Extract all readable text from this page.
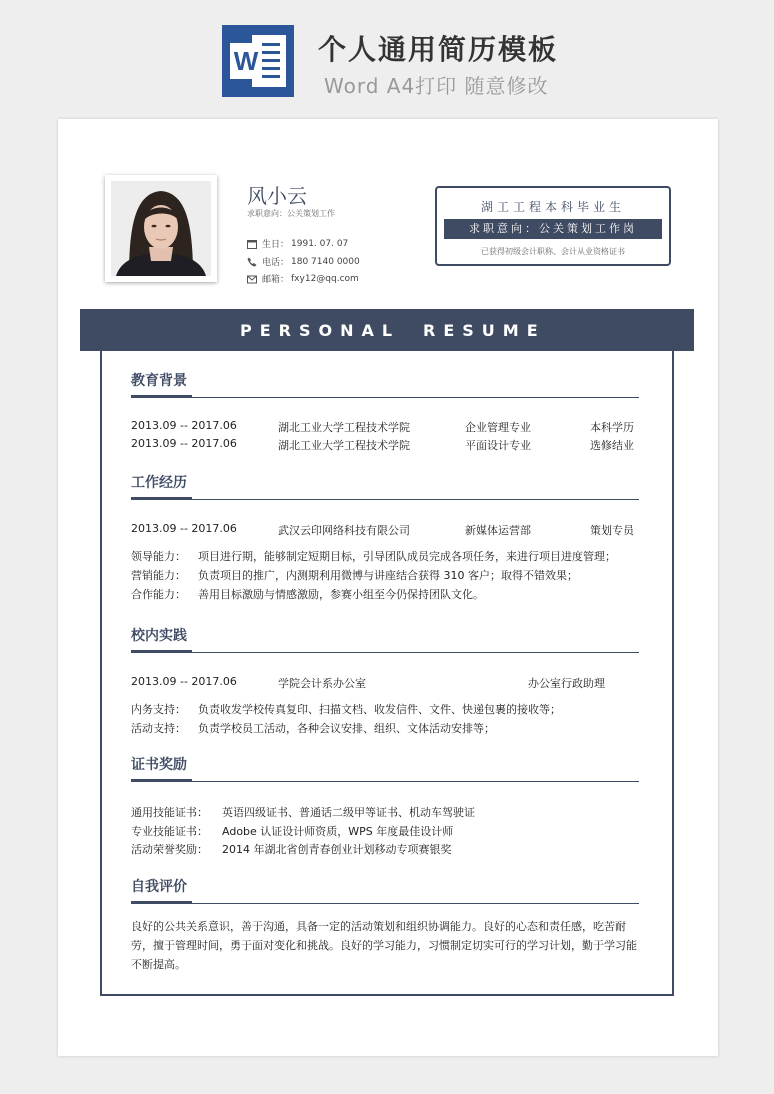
W 个人通用简历模板
Word A4打印 随意修改
风小云
求职意向：公关策划工作
生日： 1991. 07. 07
电话： 180 7140 0000
邮箱： fxy12@qq.com
湖工工程本科毕业生
求职意向：公关策划工作岗
已获得初级会计职称、会计从业资格证书
PERSONAL RESUME
教育背景
2013.09 -- 2017.06	湖北工业大学工程技术学院	企业管理专业	本科学历
2013.09 -- 2017.06	湖北工业大学工程技术学院	平面设计专业	选修结业
工作经历
2013.09 -- 2017.06	武汉云印网络科技有限公司	新媒体运营部	策划专员
领导能力： 项目进行期，能够制定短期目标，引导团队成员完成各项任务，来进行项目进度管理；
营销能力： 负责项目的推广，内测期利用微博与讲座结合获得 310 客户；取得不错效果；
合作能力： 善用目标激励与情感激励，参赛小组至今仍保持团队文化。
校内实践
2013.09 -- 2017.06	学院会计系办公室	办公室行政助理
内务支持： 负责收发学校传真复印、扫描文档、收发信件、文件、快递包裹的接收等；
活动支持： 负责学校员工活动，各种会议安排、组织、文体活动安排等；
证书奖励
通用技能证书： 英语四级证书、普通话二级甲等证书、机动车驾驶证
专业技能证书： Adobe 认证设计师资质，WPS 年度最佳设计师
活动荣誉奖励： 2014 年湖北省创青春创业计划移动专项赛银奖
自我评价
良好的公共关系意识，善于沟通，具备一定的活动策划和组织协调能力。良好的心态和责任感，吃苦耐劳，擅于管理时间，勇于面对变化和挑战。良好的学习能力，习惯制定切实可行的学习计划，勤于学习能不断提高。
